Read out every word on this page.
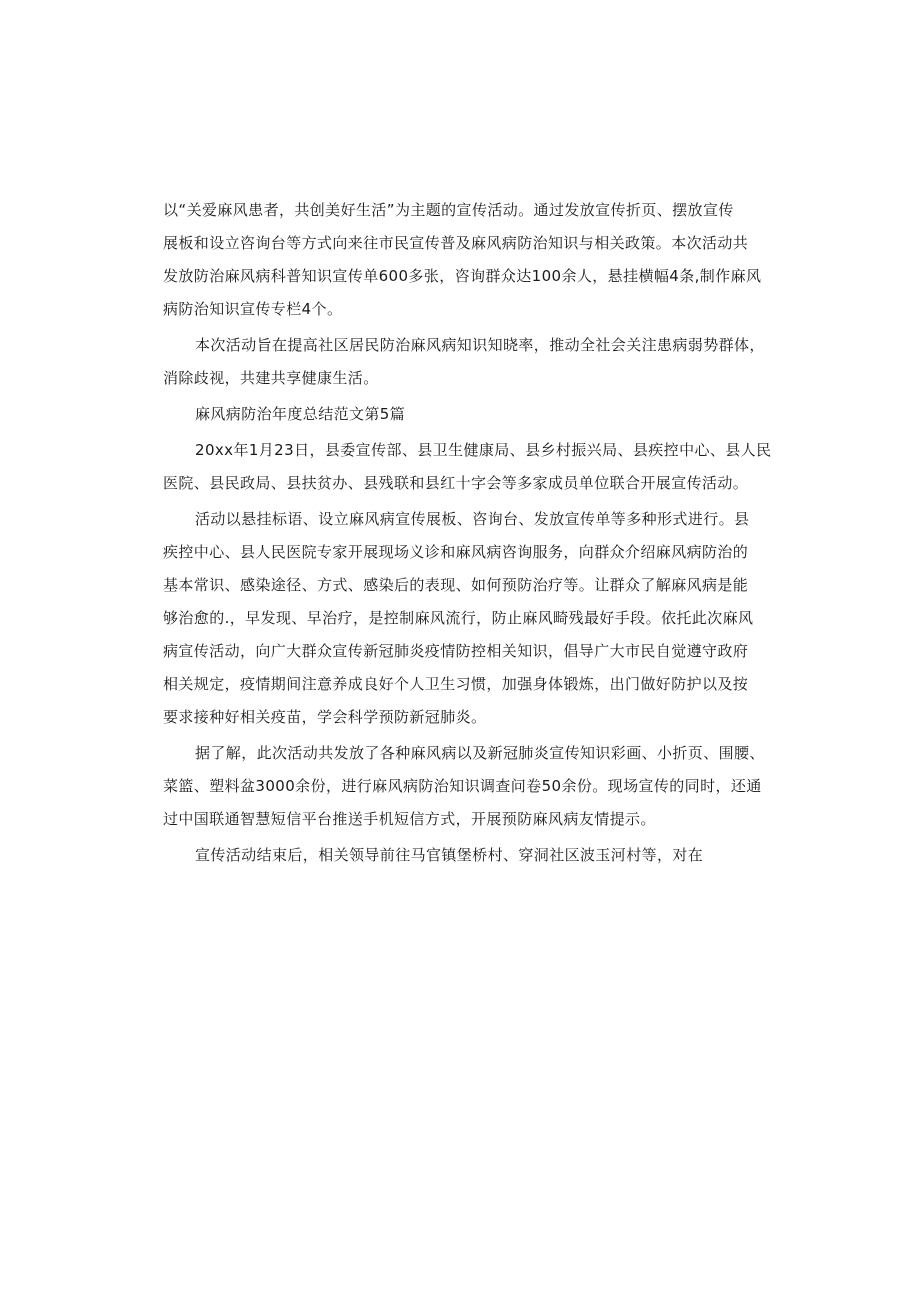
以“关爱麻风患者，共创美好生活”为主题的宣传活动。通过发放宣传折页、摆放宣传
展板和设立咨询台等方式向来往市民宣传普及麻风病防治知识与相关政策。本次活动共
发放防治麻风病科普知识宣传单600多张，咨询群众达100余人，悬挂横幅4条,制作麻风
病防治知识宣传专栏4个。
本次活动旨在提高社区居民防治麻风病知识知晓率，推动全社会关注患病弱势群体，
消除歧视，共建共享健康生活。
麻风病防治年度总结范文第5篇
20xx年1月23日，县委宣传部、县卫生健康局、县乡村振兴局、县疾控中心、县人民
医院、县民政局、县扶贫办、县残联和县红十字会等多家成员单位联合开展宣传活动。
活动以悬挂标语、设立麻风病宣传展板、咨询台、发放宣传单等多种形式进行。县
疾控中心、县人民医院专家开展现场义诊和麻风病咨询服务，向群众介绍麻风病防治的
基本常识、感染途径、方式、感染后的表现、如何预防治疗等。让群众了解麻风病是能
够治愈的.，早发现、早治疗，是控制麻风流行，防止麻风畸残最好手段。依托此次麻风
病宣传活动，向广大群众宣传新冠肺炎疫情防控相关知识，倡导广大市民自觉遵守政府
相关规定，疫情期间注意养成良好个人卫生习惯，加强身体锻炼，出门做好防护以及按
要求接种好相关疫苗，学会科学预防新冠肺炎。
据了解，此次活动共发放了各种麻风病以及新冠肺炎宣传知识彩画、小折页、围腰、
菜篮、塑料盆3000余份，进行麻风病防治知识调查问卷50余份。现场宣传的同时，还通
过中国联通智慧短信平台推送手机短信方式，开展预防麻风病友情提示。
宣传活动结束后，相关领导前往马官镇堡桥村、穿洞社区波玉河村等，对在
